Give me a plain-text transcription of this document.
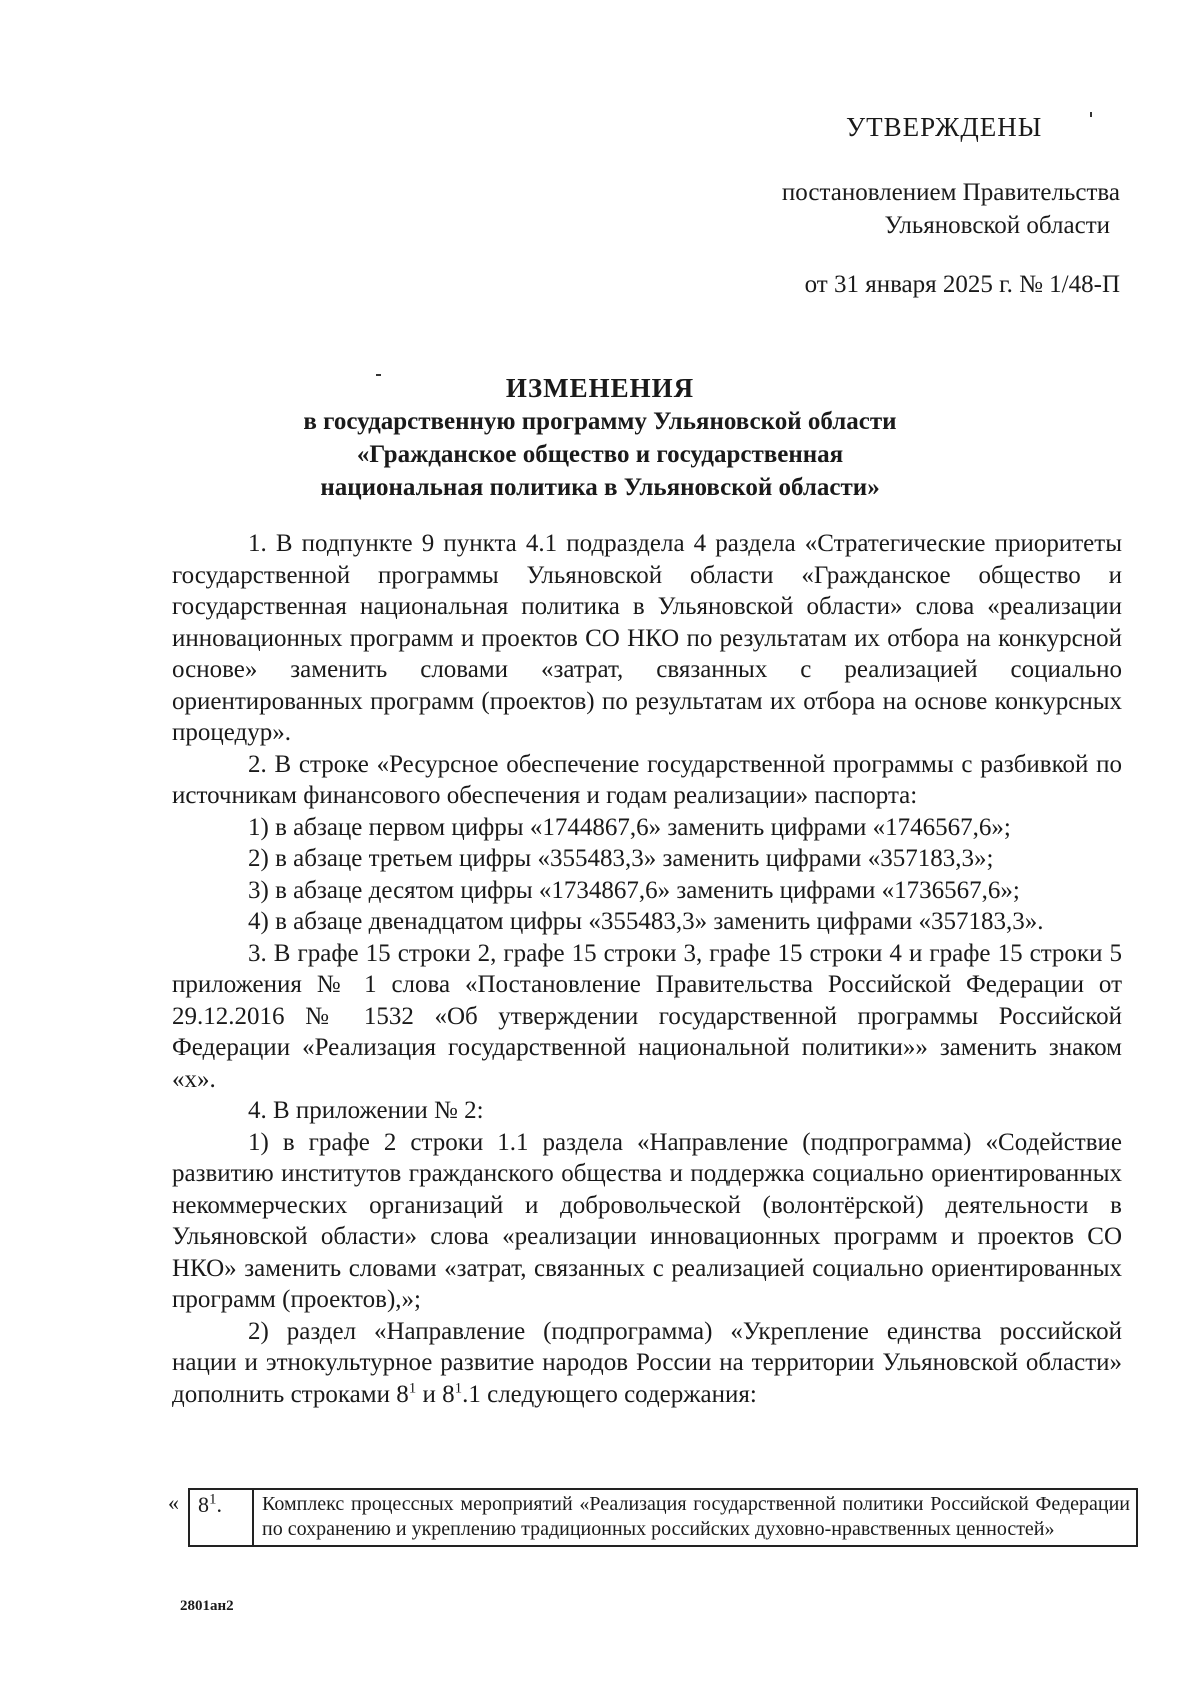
УТВЕРЖДЕНЫ
постановлением Правительства
Ульяновской области
от 31 января 2025 г. № 1/48-П
ИЗМЕНЕНИЯ
в государственную программу Ульяновской области
«Гражданское общество и государственная
национальная политика в Ульяновской области»

1. В подпункте 9 пункта 4.1 подраздела 4 раздела «Стратегические приоритеты государственной программы Ульяновской области «Гражданское общество и государственная национальная политика в Ульяновской области» слова «реализации инновационных программ и проектов СО НКО по результатам их отбора на конкурсной основе» заменить словами «затрат, связанных с реализацией социально ориентированных программ (проектов) по результатам их отбора на основе конкурсных процедур».

2. В строке «Ресурсное обеспечение государственной программы с разбивкой по источникам финансового обеспечения и годам реализации» паспорта:

1) в абзаце первом цифры «1744867,6» заменить цифрами «1746567,6»;

2) в абзаце третьем цифры «355483,3» заменить цифрами «357183,3»;

3) в абзаце десятом цифры «1734867,6» заменить цифрами «1736567,6»;

4) в абзаце двенадцатом цифры «355483,3» заменить цифрами «357183,3».

3. В графе 15 строки 2, графе 15 строки 3, графе 15 строки 4 и графе 15 строки 5 приложения № 1 слова «Постановление Правительства Российской Федерации от 29.12.2016 № 1532 «Об утверждении государственной программы Российской Федерации «Реализация государственной национальной политики»» заменить знаком «х».

4. В приложении № 2:

1) в графе 2 строки 1.1 раздела «Направление (подпрограмма) «Содействие развитию институтов гражданского общества и поддержка социально ориентированных некоммерческих организаций и добровольческой (волонтёрской) деятельности в Ульяновской области» слова «реализации инновационных программ и проектов СО НКО» заменить словами «затрат, связанных с реализацией социально ориентированных программ (проектов),»;

2) раздел «Направление (подпрограмма) «Укрепление единства российской нации и этнокультурное развитие народов России на территории Ульяновской области» дополнить строками $8^1$ и $8^1.1$ следующего содержания:

« $8^1$.	Комплекс процессных мероприятий «Реализация государственной политики Российской Федерации по сохранению и укреплению традиционных российских духовно-нравственных ценностей»
2801ан2
